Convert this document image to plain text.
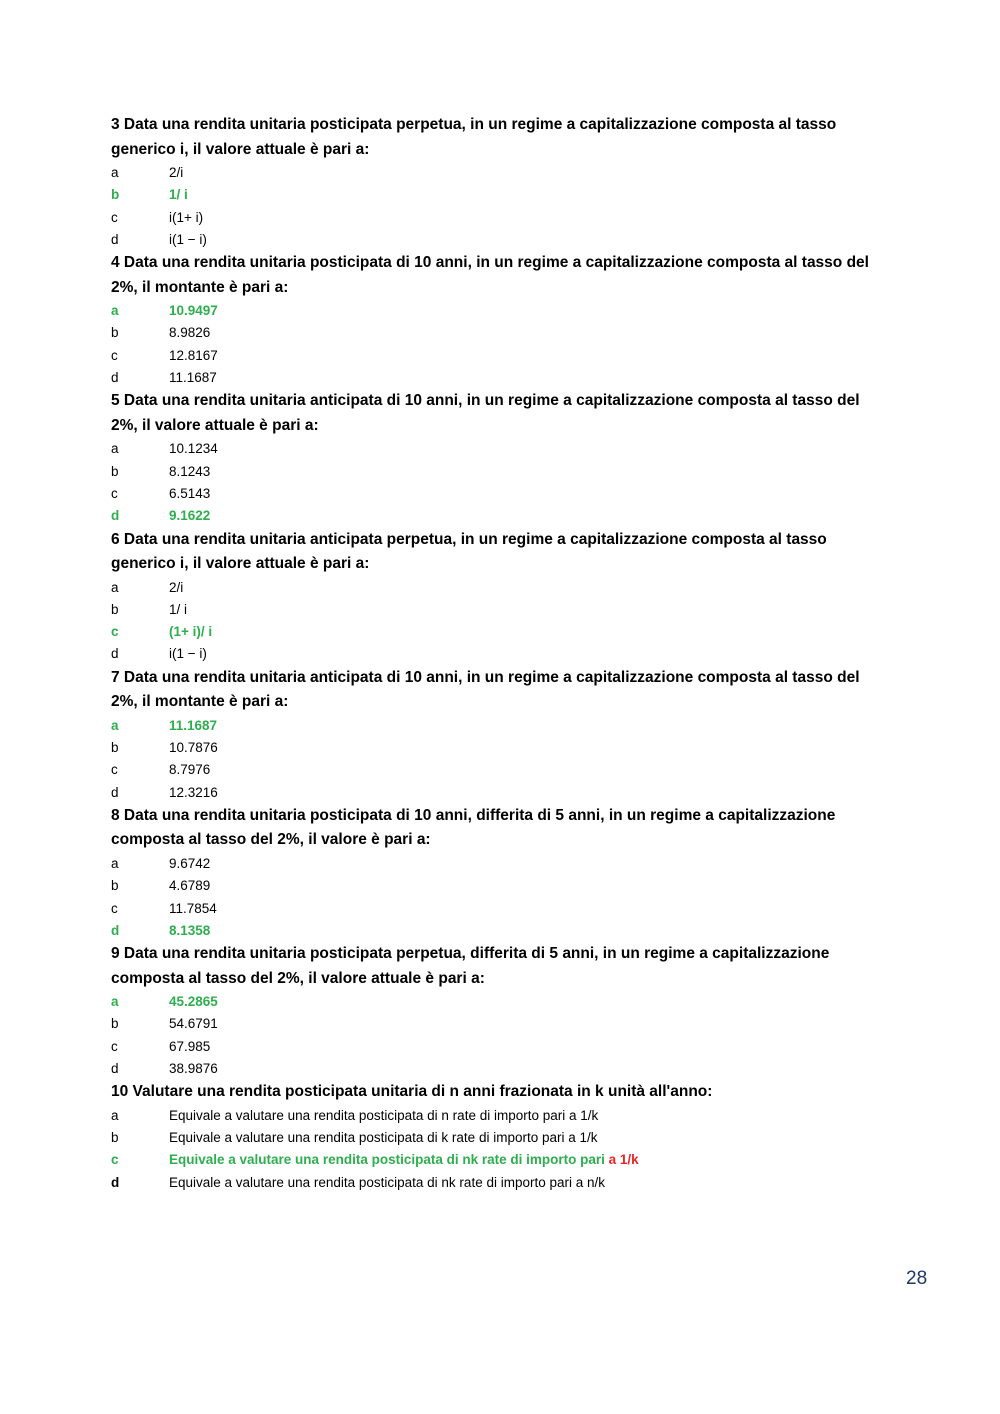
3 Data una rendita unitaria posticipata perpetua, in un regime a capitalizzazione composta al tasso

generico i, il valore attuale è pari a:

a	2/i
b	1/ i
c	i(1+ i)
d	i(1 − i)

4 Data una rendita unitaria posticipata di 10 anni, in un regime a capitalizzazione composta al tasso del

2%, il montante è pari a:

a	10.9497
b	8.9826
c	12.8167
d	11.1687

5 Data una rendita unitaria anticipata di 10 anni, in un regime a capitalizzazione composta al tasso del

2%, il valore attuale è pari a:

a	10.1234
b	8.1243
c	6.5143
d	9.1622

6 Data una rendita unitaria anticipata perpetua, in un regime a capitalizzazione composta al tasso

generico i, il valore attuale è pari a:

a	2/i
b	1/ i
c	(1+ i)/ i
d	i(1 − i)

7 Data una rendita unitaria anticipata di 10 anni, in un regime a capitalizzazione composta al tasso del

2%, il montante è pari a:

a	11.1687
b	10.7876
c	8.7976
d	12.3216

8 Data una rendita unitaria posticipata di 10 anni, differita di 5 anni, in un regime a capitalizzazione

composta al tasso del 2%, il valore è pari a:

a	9.6742
b	4.6789
c	11.7854
d	8.1358

9 Data una rendita unitaria posticipata perpetua, differita di 5 anni, in un regime a capitalizzazione

composta al tasso del 2%, il valore attuale è pari a:

a	45.2865
b	54.6791
c	67.985
d	38.9876

10 Valutare una rendita posticipata unitaria di n anni frazionata in k unità all'anno:

a	Equivale a valutare una rendita posticipata di n rate di importo pari a 1/k
b	Equivale a valutare una rendita posticipata di k rate di importo pari a 1/k
c	Equivale a valutare una rendita posticipata di nk rate di importo pari a 1/k
d	Equivale a valutare una rendita posticipata di nk rate di importo pari a n/k
28
